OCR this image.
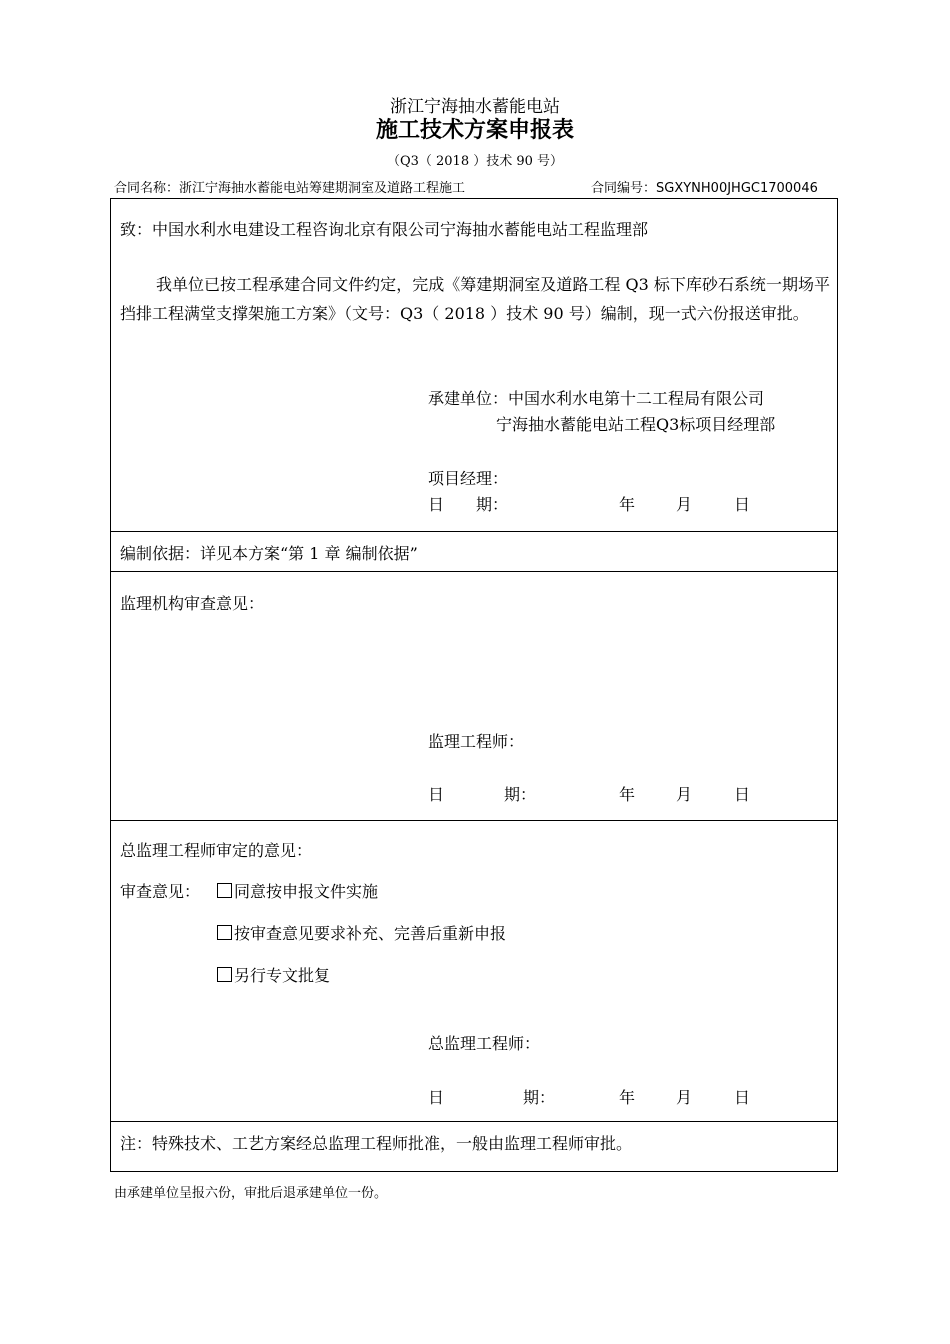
浙江宁海抽水蓄能电站
施工技术方案申报表
（Q3（ 2018 ）技术 90 号）
合同名称：浙江宁海抽水蓄能电站筹建期洞室及道路工程施工	合同编号：SGXYNH00JHGC1700046
致：中国水利水电建设工程咨询北京有限公司宁海抽水蓄能电站工程监理部
我单位已按工程承建合同文件约定，完成《筹建期洞室及道路工程 Q3 标下库砂石系统一期场平挡排工程满堂支撑架施工方案》（文号：Q3（ 2018 ）技术 90 号）编制，现一式六份报送审批。
承建单位：中国水利水电第十二工程局有限公司
宁海抽水蓄能电站工程Q3标项目经理部
项目经理：
日　　期：	年	月	日
编制依据：详见本方案“第 1 章 编制依据”
监理机构审查意见：
监理工程师：
日	期：	年	月	日
总监理工程师审定的意见：
审查意见：	同意按申报文件实施
按审查意见要求补充、完善后重新申报
另行专文批复
总监理工程师：
日	期：	年	月	日
注：特殊技术、工艺方案经总监理工程师批准，一般由监理工程师审批。
由承建单位呈报六份，审批后退承建单位一份。
